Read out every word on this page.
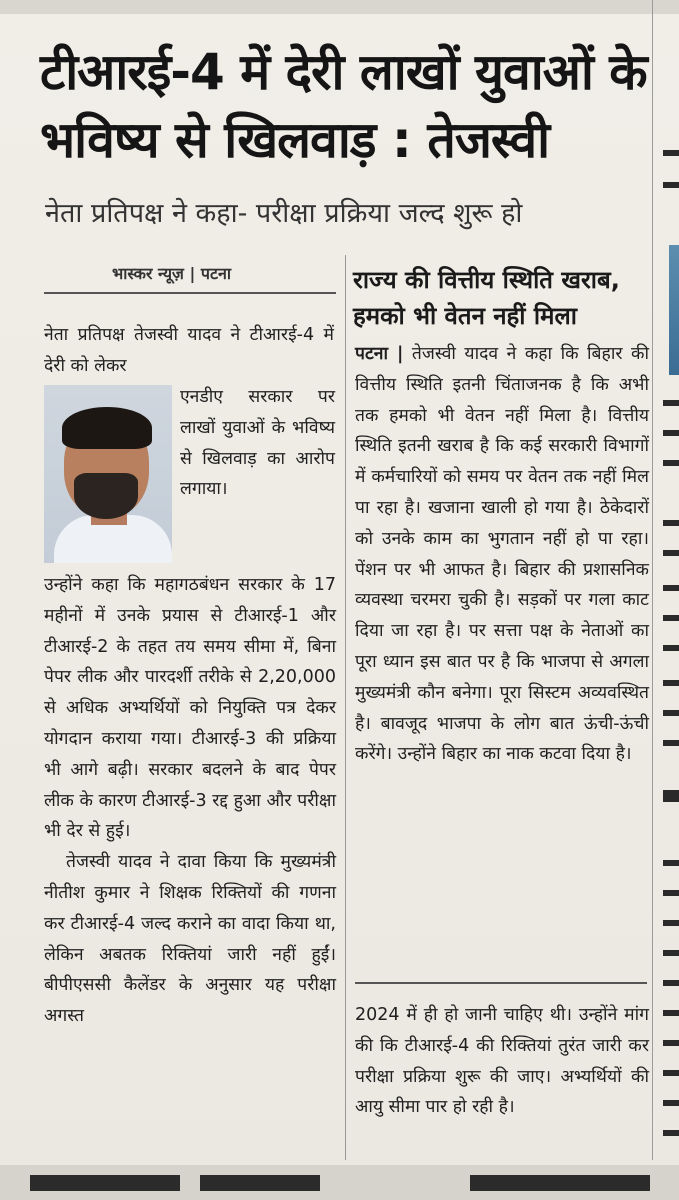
टीआरई-4 में देरी लाखों युवाओं के भविष्य से खिलवाड़ : तेजस्वी

नेता प्रतिपक्ष ने कहा- परीक्षा प्रक्रिया जल्द शुरू हो

भास्कर न्यूज़ | पटना

नेता प्रतिपक्ष तेजस्वी यादव ने टीआरई-4 में देरी को लेकर

एनडीए सरकार पर लाखों युवाओं के भविष्य से खिलवाड़ का आरोप लगाया।

उन्होंने कहा कि महागठबंधन सरकार के 17 महीनों में उनके प्रयास से टीआरई-1 और टीआरई-2 के तहत तय समय सीमा में, बिना पेपर लीक और पारदर्शी तरीके से 2,20,000 से अधिक अभ्यर्थियों को नियुक्ति पत्र देकर योगदान कराया गया। टीआरई-3 की प्रक्रिया भी आगे बढ़ी। सरकार बदलने के बाद पेपर लीक के कारण टीआरई-3 रद्द हुआ और परीक्षा भी देर से हुई।

तेजस्वी यादव ने दावा किया कि मुख्यमंत्री नीतीश कुमार ने शिक्षक रिक्तियों की गणना कर टीआरई-4 जल्द कराने का वादा किया था, लेकिन अबतक रिक्तियां जारी नहीं हुईं। बीपीएससी कैलेंडर के अनुसार यह परीक्षा अगस्त

राज्य की वित्तीय स्थिति खराब, हमको भी वेतन नहीं मिला

पटना | तेजस्वी यादव ने कहा कि बिहार की वित्तीय स्थिति इतनी चिंताजनक है कि अभी तक हमको भी वेतन नहीं मिला है। वित्तीय स्थिति इतनी खराब है कि कई सरकारी विभागों में कर्मचारियों को समय पर वेतन तक नहीं मिल पा रहा है। खजाना खाली हो गया है। ठेकेदारों को उनके काम का भुगतान नहीं हो पा रहा। पेंशन पर भी आफत है। बिहार की प्रशासनिक व्यवस्था चरमरा चुकी है। सड़कों पर गला काट दिया जा रहा है। पर सत्ता पक्ष के नेताओं का पूरा ध्यान इस बात पर है कि भाजपा से अगला मुख्यमंत्री कौन बनेगा। पूरा सिस्टम अव्यवस्थित है। बावजूद भाजपा के लोग बात ऊंची-ऊंची करेंगे। उन्होंने बिहार का नाक कटवा दिया है।

2024 में ही हो जानी चाहिए थी। उन्होंने मांग की कि टीआरई-4 की रिक्तियां तुरंत जारी कर परीक्षा प्रक्रिया शुरू की जाए। अभ्यर्थियों की आयु सीमा पार हो रही है।
